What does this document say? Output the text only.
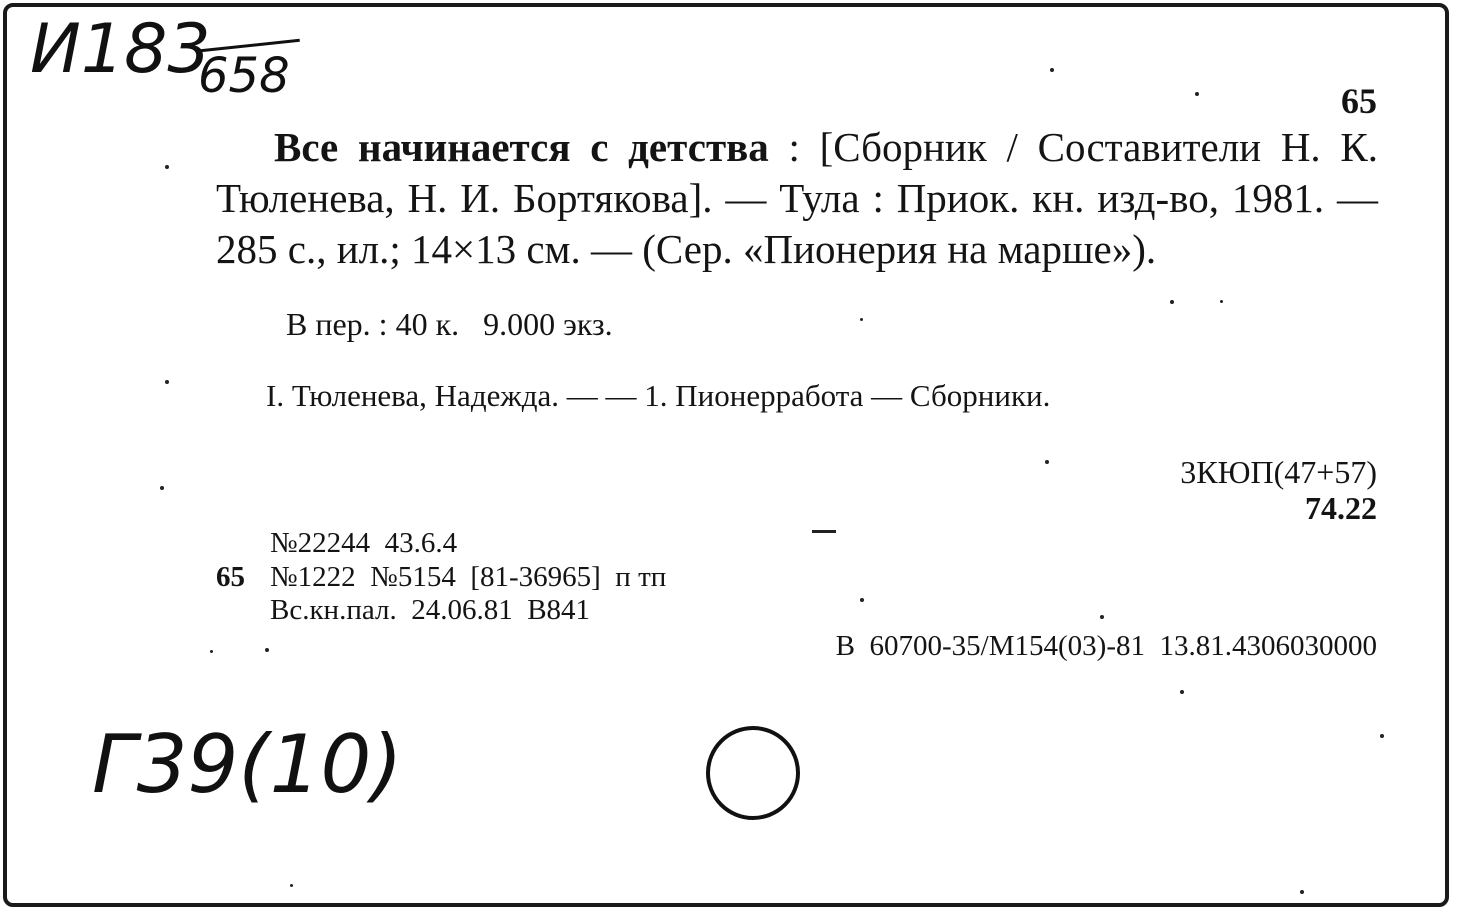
И183
658	65
Все начинается с детства : [Сборник / Составители Н. К. Тюленева, Н. И. Бортякова]. — Тула : Приок. кн. изд-во, 1981. — 285 с., ил.; 14×13 см. — (Сер. «Пионерия на марше»).
В пер. : 40 к.   9.000 экз.
I. Тюленева, Надежда. — — 1. Пионерработа — Сборники.
3КЮП(47+57)
74.22
№22244  43.6.4
65 №1222  №5154  [81-36965]  п тп
Вс.кн.пал.  24.06.81  В841
В  60700-35/М154(03)-81  13.81.4306030000
Г39(10)
